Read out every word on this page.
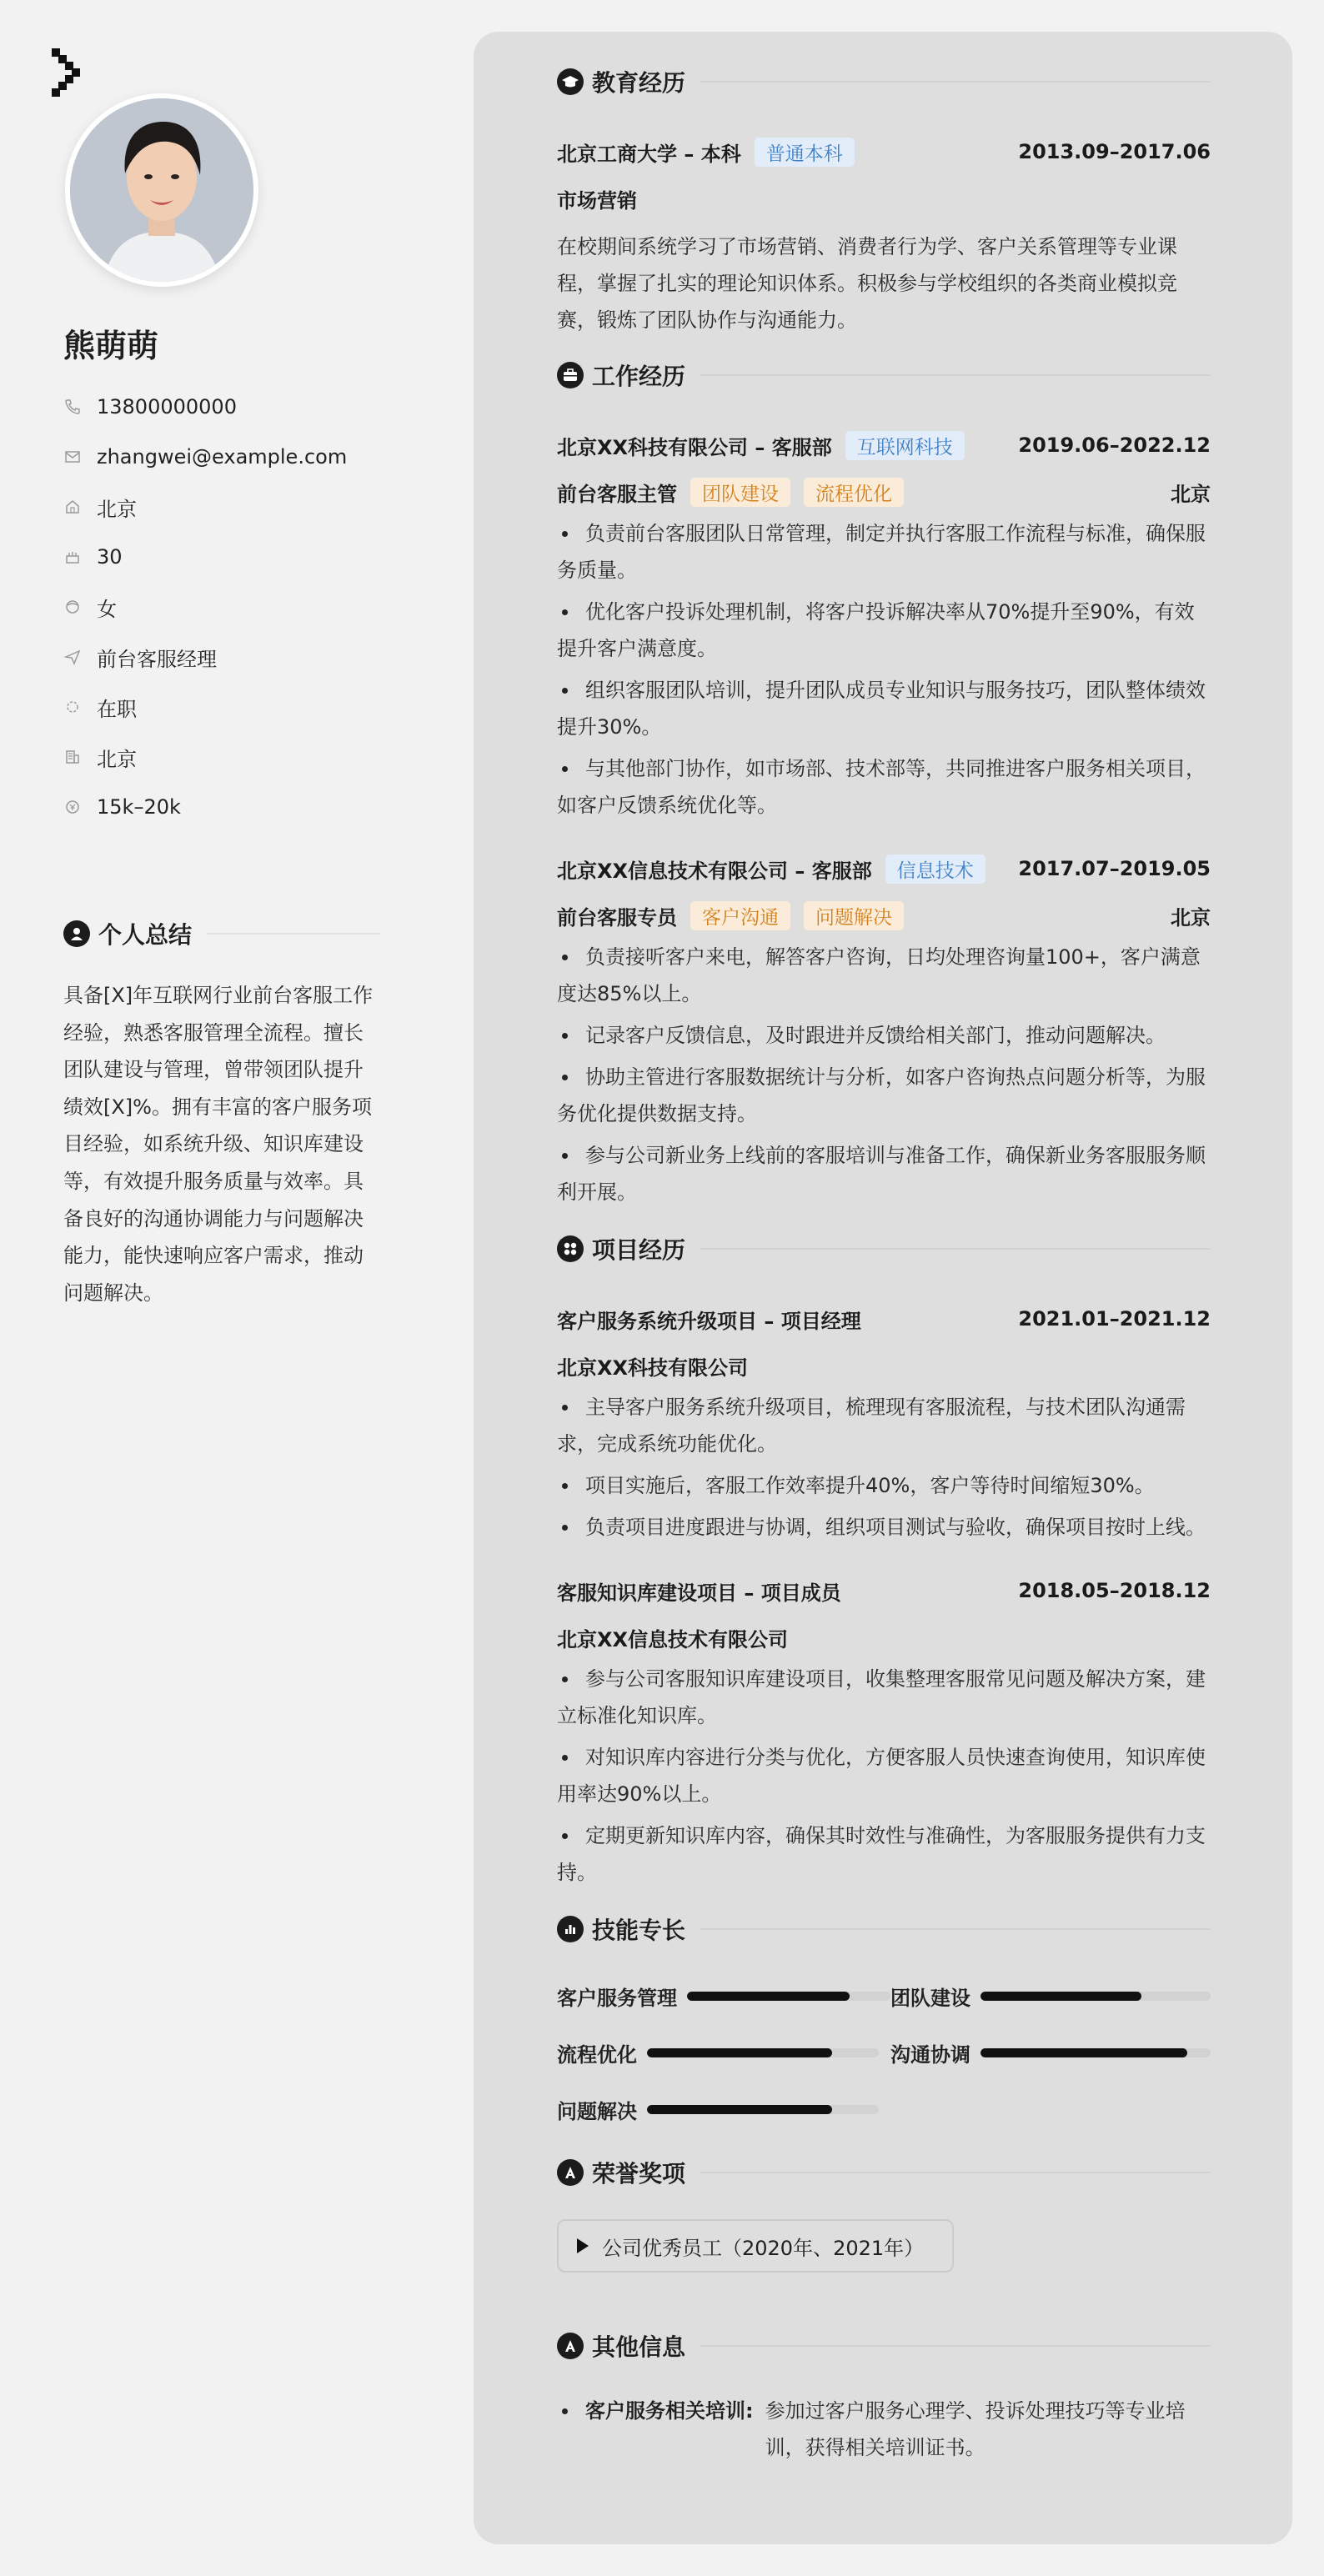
熊萌萌
13800000000
zhangwei@example.com
北京
30
女
前台客服经理
在职
北京
15k–20k
个人总结

具备[X]年互联网行业前台客服工作经验，熟悉客服管理全流程。擅长团队建设与管理，曾带领团队提升绩效[X]%。拥有丰富的客户服务项目经验，如系统升级、知识库建设等，有效提升服务质量与效率。具备良好的沟通协调能力与问题解决能力，能快速响应客户需求，推动问题解决。

教育经历
北京工商大学 – 本科	普通本科	2013.09–2017.06
市场营销

在校期间系统学习了市场营销、消费者行为学、客户关系管理等专业课程，掌握了扎实的理论知识体系。积极参与学校组织的各类商业模拟竞赛，锻炼了团队协作与沟通能力。

工作经历
北京XX科技有限公司 – 客服部	互联网科技	2019.06–2022.12
前台客服主管	团队建设	流程优化	北京
负责前台客服团队日常管理，制定并执行客服工作流程与标准，确保服务质量。
优化客户投诉处理机制，将客户投诉解决率从70%提升至90%，有效提升客户满意度。
组织客服团队培训，提升团队成员专业知识与服务技巧，团队整体绩效提升30%。
与其他部门协作，如市场部、技术部等，共同推进客户服务相关项目，如客户反馈系统优化等。
北京XX信息技术有限公司 – 客服部	信息技术	2017.07–2019.05
前台客服专员	客户沟通	问题解决	北京
负责接听客户来电，解答客户咨询，日均处理咨询量100+，客户满意度达85%以上。
记录客户反馈信息，及时跟进并反馈给相关部门，推动问题解决。
协助主管进行客服数据统计与分析，如客户咨询热点问题分析等，为服务优化提供数据支持。
参与公司新业务上线前的客服培训与准备工作，确保新业务客服服务顺利开展。
项目经历
客户服务系统升级项目 – 项目经理	2021.01–2021.12
北京XX科技有限公司
主导客户服务系统升级项目，梳理现有客服流程，与技术团队沟通需求，完成系统功能优化。
项目实施后，客服工作效率提升40%，客户等待时间缩短30%。
负责项目进度跟进与协调，组织项目测试与验收，确保项目按时上线。
客服知识库建设项目 – 项目成员	2018.05–2018.12
北京XX信息技术有限公司
参与公司客服知识库建设项目，收集整理客服常见问题及解决方案，建立标准化知识库。
对知识库内容进行分类与优化，方便客服人员快速查询使用，知识库使用率达90%以上。
定期更新知识库内容，确保其时效性与准确性，为客服服务提供有力支持。
技能专长
客户服务管理	团队建设
流程优化	沟通协调
问题解决
荣誉奖项
公司优秀员工（2020年、2021年）
其他信息
客户服务相关培训: 参加过客户服务心理学、投诉处理技巧等专业培训，获得相关培训证书。
